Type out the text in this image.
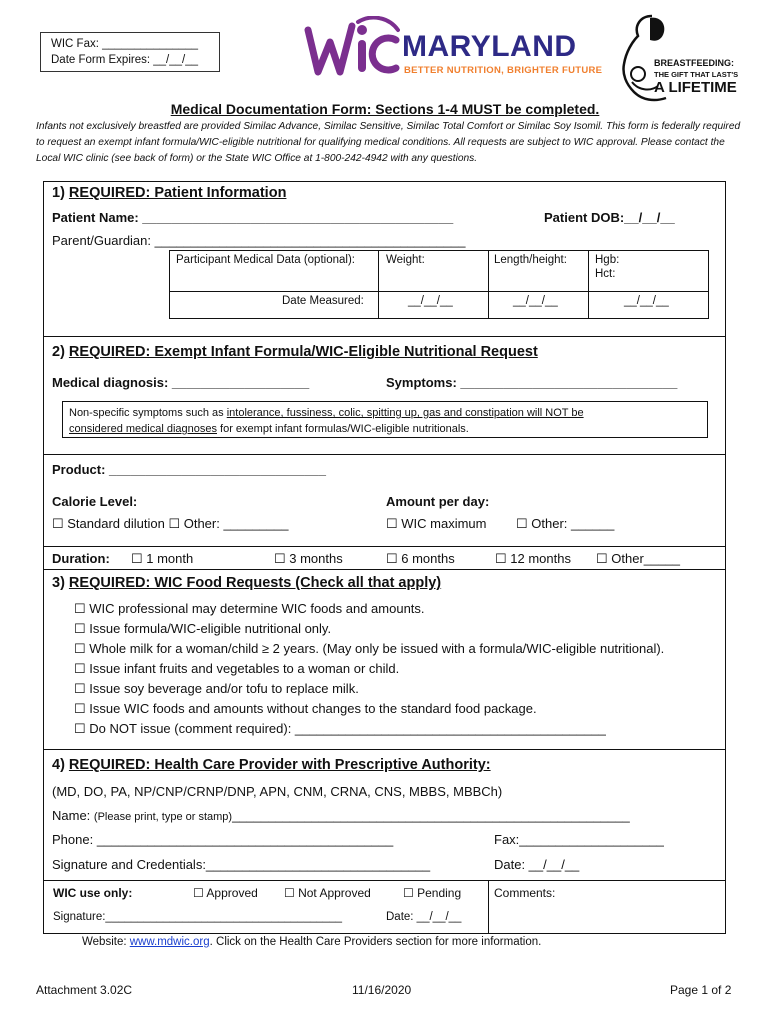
WIC Fax: _______________
Date Form Expires: __/__/__	MARYLAND
BETTER NUTRITION, BRIGHTER FUTURE
BREASTFEEDING:
THE GIFT THAT LAST'S
A LIFETIME
Medical Documentation Form: Sections 1-4 MUST be completed.
Infants not exclusively breastfed are provided Similac Advance, Similac Sensitive, Similac Total Comfort or Similac Soy Isomil. This form is federally required to request an exempt infant formula/WIC-eligible nutritional for qualifying medical conditions. All requests are subject to WIC approval. Please contact the Local WIC clinic (see back of form) or the State WIC Office at 1-800-242-4942 with any questions.
1) REQUIRED: Patient Information
Patient Name: ___________________________________________	Patient DOB:__/__/__
Parent/Guardian: ___________________________________________
Participant Medical Data (optional):	Weight:	Length/height: Hgb:
Hct:
Date Measured:	__/__/__	__/__/__	__/__/__
2) REQUIRED: Exempt Infant Formula/WIC-Eligible Nutritional Request
Medical diagnosis: ___________________	Symptoms: ______________________________
Non-specific symptoms such as intolerance, fussiness, colic, spitting up, gas and constipation will NOT be
considered medical diagnoses for exempt infant formulas/WIC-eligible nutritionals.
Product: ______________________________
Calorie Level:
☐ Standard dilution ☐ Other: _________
Amount per day:
☐ WIC maximum ☐ Other: ______
Duration: ☐ 1 month	☐ 3 months	☐ 6 months	☐ 12 months ☐ Other_____
3) REQUIRED: WIC Food Requests (Check all that apply)
☐ WIC professional may determine WIC foods and amounts.
☐ Issue formula/WIC-eligible nutritional only.
☐ Whole milk for a woman/child ≥ 2 years. (May only be issued with a formula/WIC-eligible nutritional).
☐ Issue infant fruits and vegetables to a woman or child.
☐ Issue soy beverage and/or tofu to replace milk.
☐ Issue WIC foods and amounts without changes to the standard food package.
☐ Do NOT issue (comment required): ___________________________________________
4) REQUIRED: Health Care Provider with Prescriptive Authority:
(MD, DO, PA, NP/CNP/CRNP/DNP, APN, CNM, CRNA, CNS, MBBS, MBBCh)
Name: (Please print, type or stamp)_______________________________________________________
Phone: _________________________________________	Fax:____________________
Signature and Credentials:_______________________________	Date: __/__/__
WIC use only:	☐ Approved ☐ Not Approved	☐ Pending	Comments:
Signature:_____________________________________	Date: __/__/__
Website: www.mdwic.org. Click on the Health Care Providers section for more information.
Attachment 3.02C	11/16/2020	Page 1 of 2
